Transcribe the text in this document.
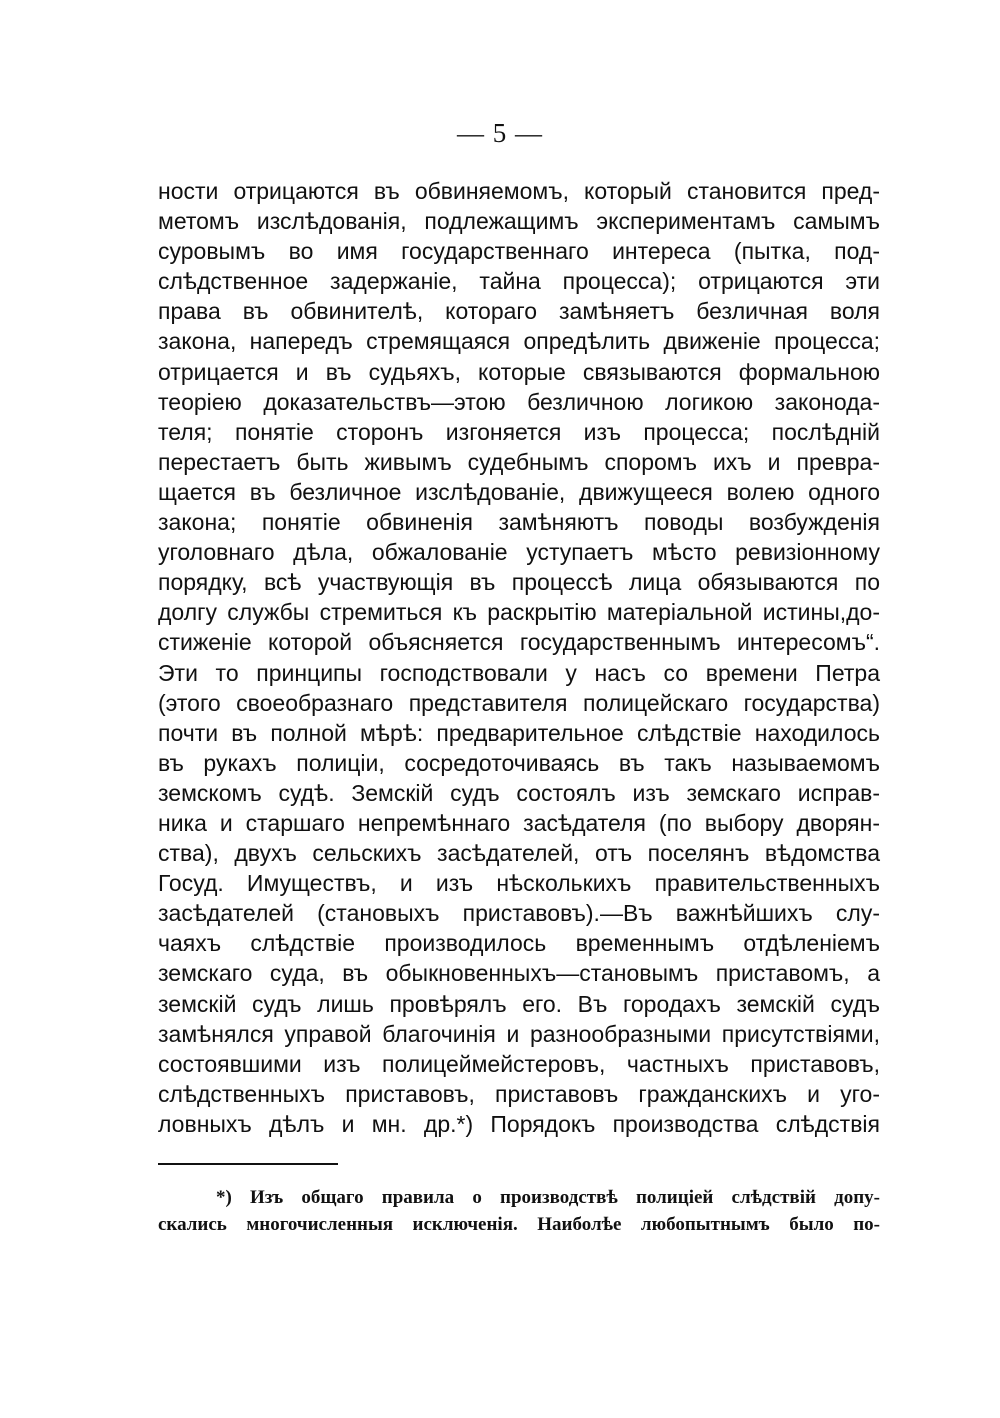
— 5 —
ности отрицаются въ обвиняемомъ, который становится пред-
метомъ изслѣдованія, подлежащимъ экспериментамъ самымъ
суровымъ во имя государственнаго интереса (пытка, под-
слѣдственное задержаніе, тайна процесса); отрицаются эти
права въ обвинителѣ, котораго замѣняетъ безличная воля
закона, напередъ стремящаяся опредѣлить движеніе процесса;
отрицается и въ судьяхъ, которые связываются формальною
теоріею доказательствъ—этою безличною логикою законода-
теля; понятіе сторонъ изгоняется изъ процесса; послѣдній
перестаетъ быть живымъ судебнымъ споромъ ихъ и превра-
щается въ безличное изслѣдованіе, движущееся волею одного
закона; понятіе обвиненія замѣняютъ поводы возбужденія
уголовнаго дѣла, обжалованіе уступаетъ мѣсто ревизіонному
порядку, всѣ участвующія въ процессѣ лица обязываются по
долгу службы стремиться къ раскрытію матеріальной истины,до-
стиженіе которой объясняется государственнымъ интересомъ“.
Эти то принципы господствовали у насъ со времени Петра
(этого своеобразнаго представителя полицейскаго государства)
почти въ полной мѣрѣ: предварительное слѣдствіе находилось
въ рукахъ полиціи, сосредоточиваясь въ такъ называемомъ
земскомъ судѣ. Земскій судъ состоялъ изъ земскаго исправ-
ника и старшаго непремѣннаго засѣдателя (по выбору дворян-
ства), двухъ сельскихъ засѣдателей, отъ поселянъ вѣдомства
Госуд. Имуществъ, и изъ нѣсколькихъ правительственныхъ
засѣдателей (становыхъ приставовъ).—Въ важнѣйшихъ слу-
чаяхъ слѣдствіе производилось временнымъ отдѣленіемъ
земскаго суда, въ обыкновенныхъ—становымъ приставомъ, а
земскій судъ лишь провѣрялъ его. Въ городахъ земскій судъ
замѣнялся управой благочинія и разнообразными присутствіями,
состоявшими изъ полицеймейстеровъ, частныхъ приставовъ,
слѣдственныхъ приставовъ, приставовъ гражданскихъ и уго-
ловныхъ дѣлъ и мн. др.*) Порядокъ производства слѣдствія
*) Изъ общаго правила о производствѣ полиціей слѣдствій допу-
скались многочисленныя исключенія. Наиболѣе любопытнымъ было по-
